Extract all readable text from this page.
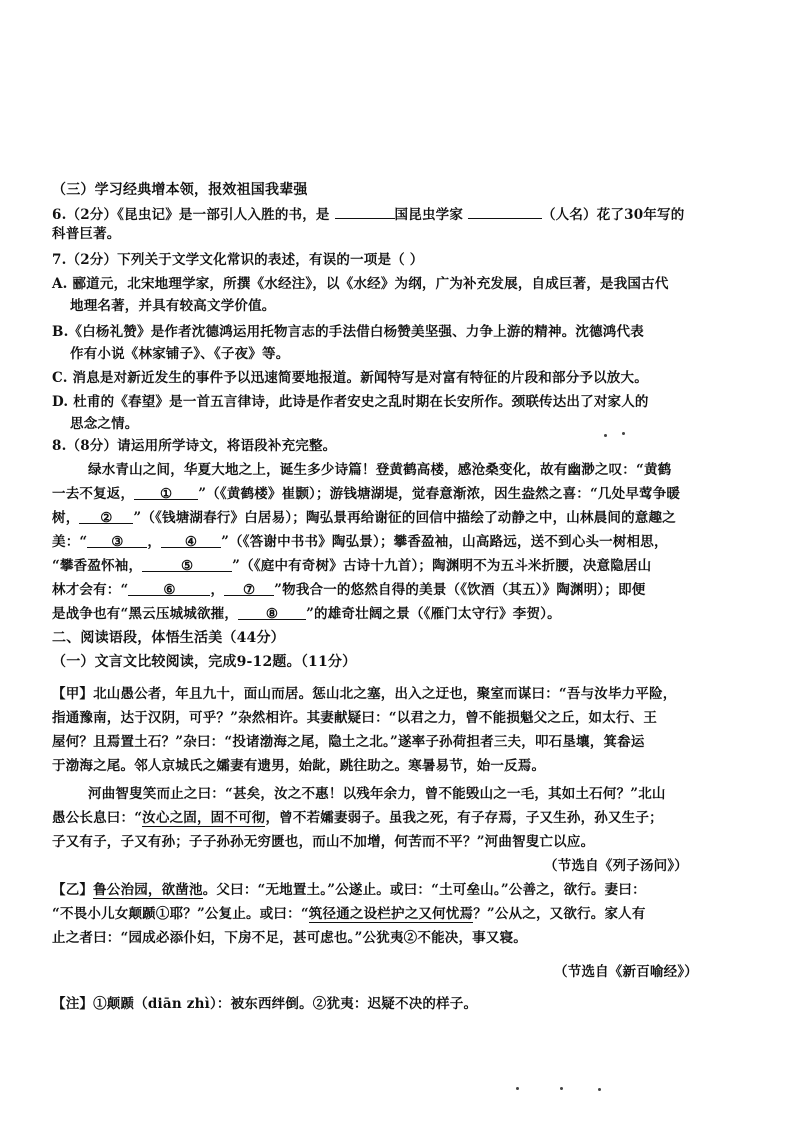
（三）学习经典增本领，报效祖国我辈强
6.（2分）《昆虫记》是一部引人入胜的书，是	国昆虫学家	（人名）花了30年写的
科普巨著。
7.（2分）下列关于文学文化常识的表述，有误的一项是（ ）
A. 郦道元，北宋地理学家，所撰《水经注》，以《水经》为纲，广为补充发展，自成巨著，是我国古代
地理名著，并具有较高文学价值。
B.《白杨礼赞》是作者沈德鸿运用托物言志的手法借白杨赞美坚强、力争上游的精神。沈德鸿代表
作有小说《林家铺子》、《子夜》等。
C. 消息是对新近发生的事件予以迅速简要地报道。新闻特写是对富有特征的片段和部分予以放大。
D. 杜甫的《春望》是一首五言律诗，此诗是作者安史之乱时期在长安所作。颈联传达出了对家人的
思念之情。
8.（8分）请运用所学诗文，将语段补充完整。
绿水青山之间，华夏大地之上，诞生多少诗篇！登黄鹤高楼，感沧桑变化，故有幽渺之叹：“黄鹤
一去不复返， ① ”（《黄鹤楼》崔颢）；游钱塘湖堤，觉春意渐浓，因生盎然之喜：“几处早莺争暖
树， ② ”（《钱塘湖春行》白居易）；陶弘景再给谢征的回信中描绘了动静之中，山林晨间的意趣之
美：“ ③ ， ④ ”（《答谢中书书》陶弘景）；攀香盈袖，山高路远，送不到心头一树相思，
“攀香盈怀袖，	⑤	”（《庭中有奇树》古诗十九首）；陶渊明不为五斗米折腰，决意隐居山
林才会有：“	⑥	， ⑦ ”物我合一的悠然自得的美景（《饮酒（其五）》陶渊明）；即便
是战争也有“黑云压城城欲摧， ⑧ ”的雄奇壮阔之景（《雁门太守行》李贺）。
二、阅读语段，体悟生活美（44分）
（一）文言文比较阅读，完成9-12题。（11分）
【甲】北山愚公者，年且九十，面山而居。惩山北之塞，出入之迂也，聚室而谋曰：“吾与汝毕力平险，
指通豫南，达于汉阴，可乎？”杂然相许。其妻献疑曰：“以君之力，曾不能损魁父之丘，如太行、王
屋何？且焉置土石？”杂曰：“投诸渤海之尾，隐土之北。”遂率子孙荷担者三夫，叩石垦壤，箕畚运
于渤海之尾。邻人京城氏之孀妻有遗男，始龀，跳往助之。寒暑易节，始一反焉。
河曲智叟笑而止之曰：“甚矣，汝之不惠！以残年余力，曾不能毁山之一毛，其如土石何？”北山
愚公长息曰：“汝心之固，固不可彻，曾不若孀妻弱子。虽我之死，有子存焉，子又生孙，孙又生子；
子又有子，子又有孙；子子孙孙无穷匮也，而山不加增，何苦而不平？”河曲智叟亡以应。
（节选自《列子汤问》）
【乙】鲁公治园，欲凿池。父曰：“无地置土。”公遂止。或曰：“土可垒山。”公善之，欲行。妻曰：
“不畏小儿女颠踬①耶？”公复止。或曰：“筑径通之设栏护之又何忧焉？”公从之，又欲行。家人有
止之者曰：“园成必添仆妇，下房不足，甚可虑也。”公犹夷②不能决，事又寝。
（节选自《新百喻经》）
【注】①颠踬（diān zhì）：被东西绊倒。②犹夷：迟疑不决的样子。
